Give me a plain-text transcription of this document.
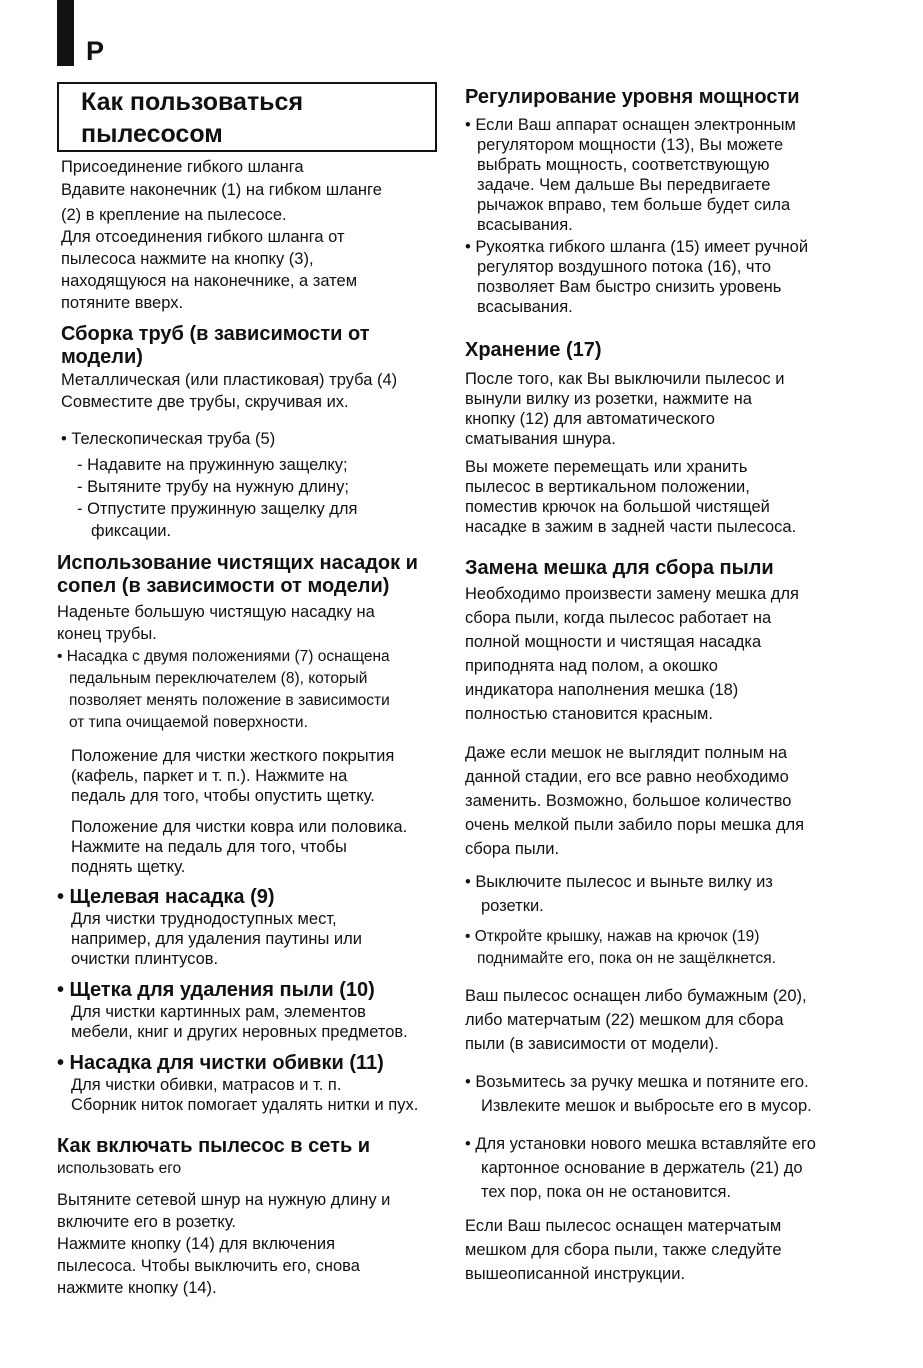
P
Как пользоваться
пылесосом

Присоединение гибкого шланга

Вдавите наконечник (1) на гибком шланге

(2) в крепление на пылесосе.

Для отсоединения гибкого шланга от

пылесоса нажмите на кнопку (3),

находящуюся на наконечнике, а затем

потяните вверх.

Сборка труб (в зависимости от
модели)

Металлическая (или пластиковая) труба (4)

Совместите две трубы, скручивая их.

• Телескопическая труба (5)

- Надавите на пружинную защелку;

- Вытяните трубу на нужную длину;

- Отпустите пружинную защелку для

фиксации.

Использование чистящих насадок и
сопел (в зависимости от модели)

Наденьте большую чистящую насадку на

конец трубы.

• Насадка с двумя положениями (7) оснащена

педальным переключателем (8), который

позволяет менять положение в зависимости

от типа очищаемой поверхности.

Положение для чистки жесткого покрытия

(кафель, паркет и т. п.). Нажмите на

педаль для того, чтобы опустить щетку.

Положение для чистки ковра или половика.

Нажмите на педаль для того, чтобы

поднять щетку.

• Щелевая насадка (9)

Для чистки труднодоступных мест,

например, для удаления паутины или

очистки плинтусов.

• Щетка для удаления пыли (10)

Для чистки картинных рам, элементов

мебели, книг и других неровных предметов.

• Насадка для чистки обивки (11)

Для чистки обивки, матрасов и т. п.

Сборник ниток помогает удалять нитки и пух.

Как включать пылесос в сеть и

использовать его

Вытяните сетевой шнур на нужную длину и

включите его в розетку.

Нажмите кнопку (14) для включения

пылесоса. Чтобы выключить его, снова

нажмите кнопку (14).

Регулирование уровня мощности

• Если Ваш аппарат оснащен электронным

регулятором мощности (13), Вы можете

выбрать мощность, соответствующую

задаче. Чем дальше Вы передвигаете

рычажок вправо, тем больше будет сила

всасывания.

• Рукоятка гибкого шланга (15) имеет ручной

регулятор воздушного потока (16), что

позволяет Вам быстро снизить уровень

всасывания.

Хранение (17)

После того, как Вы выключили пылесос и

вынули вилку из розетки, нажмите на

кнопку (12) для автоматического

сматывания шнура.

Вы можете перемещать или хранить

пылесос в вертикальном положении,

поместив крючок на большой чистящей

насадке в зажим в задней части пылесоса.

Замена мешка для сбора пыли

Необходимо произвести замену мешка для

сбора пыли, когда пылесос работает на

полной мощности и чистящая насадка

приподнята над полом, а окошко

индикатора наполнения мешка (18)

полностью становится красным.

Даже если мешок не выглядит полным на

данной стадии, его все равно необходимо

заменить. Возможно, большое количество

очень мелкой пыли забило поры мешка для

сбора пыли.

• Выключите пылесос и выньте вилку из

розетки.

• Откройте крышку, нажав на крючок (19)

поднимайте его, пока он не защёлкнется.

Ваш пылесос оснащен либо бумажным (20),

либо матерчатым (22) мешком для сбора

пыли (в зависимости от модели).

• Возьмитесь за ручку мешка и потяните его.

Извлеките мешок и выбросьте его в мусор.

• Для установки нового мешка вставляйте его

картонное основание в держатель (21) до

тех пор, пока он не остановится.

Если Ваш пылесос оснащен матерчатым

мешком для сбора пыли, также следуйте

вышеописанной инструкции.
